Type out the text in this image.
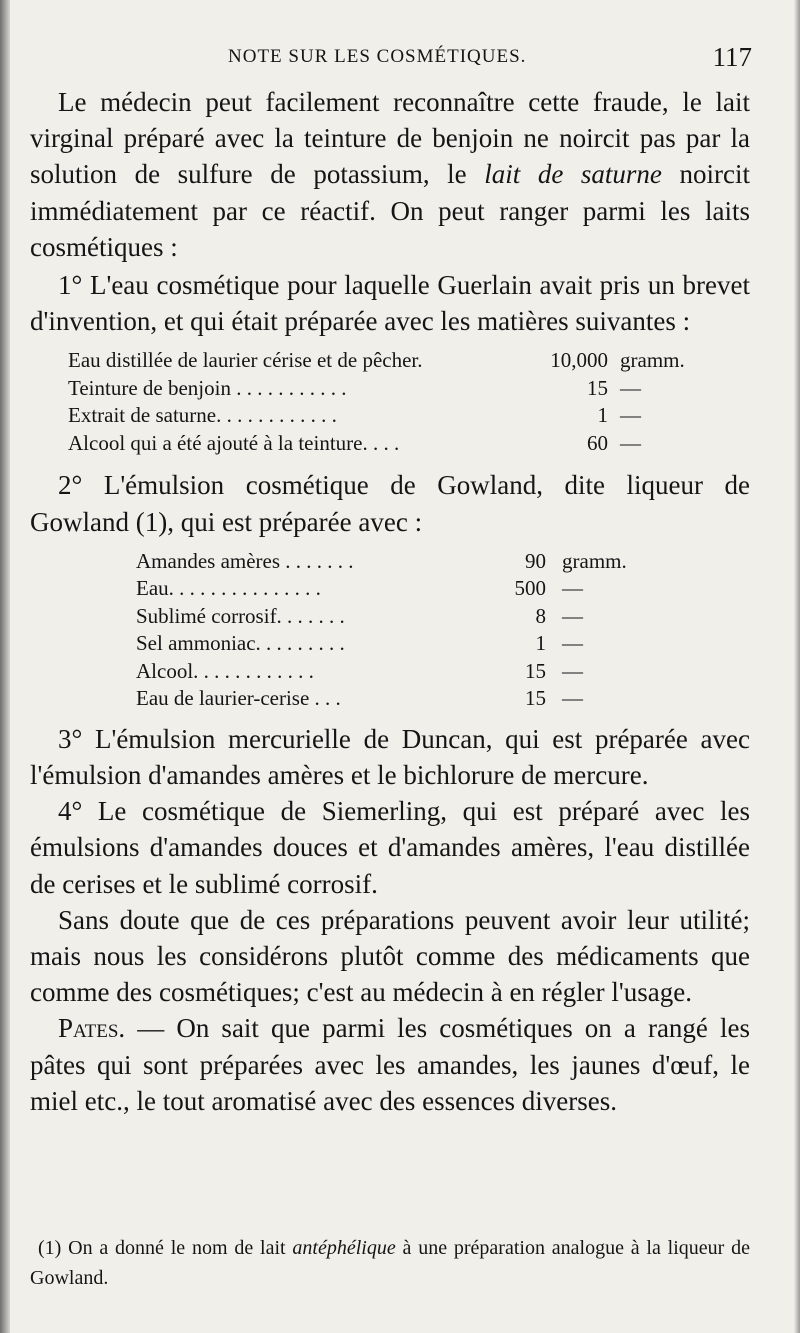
NOTE SUR LES COSMÉTIQUES.	117

Le médecin peut facilement reconnaître cette fraude, le lait virginal préparé avec la teinture de benjoin ne noircit pas par la solution de sulfure de potassium, le lait de saturne noircit immédiatement par ce réactif. On peut ranger parmi les laits cosmétiques :

1° L'eau cosmétique pour laquelle Guerlain avait pris un brevet d'invention, et qui était préparée avec les matières suivantes :

Eau distillée de laurier cérise et de pêcher.	10,000 gramm.
Teinture de benjoin . . . . . . . . . . .	15 —
Extrait de saturne. . . . . . . . . . . .	1 —
Alcool qui a été ajouté à la teinture. . . .	60 —

2° L'émulsion cosmétique de Gowland, dite liqueur de Gowland (1), qui est préparée avec :

Amandes amères . . . . . . .	90 gramm.
Eau. . . . . . . . . . . . . . .	500 —
Sublimé corrosif. . . . . . .	8 —
Sel ammoniac. . . . . . . . .	1 —
Alcool. . . . . . . . . . . .	15 —
Eau de laurier-cerise . . .	15 —

3° L'émulsion mercurielle de Duncan, qui est préparée avec l'émulsion d'amandes amères et le bichlorure de mercure.

4° Le cosmétique de Siemerling, qui est préparé avec les émulsions d'amandes douces et d'amandes amères, l'eau distillée de cerises et le sublimé corrosif.

Sans doute que de ces préparations peuvent avoir leur utilité; mais nous les considérons plutôt comme des médicaments que comme des cosmétiques; c'est au médecin à en régler l'usage.

Pates. — On sait que parmi les cosmétiques on a rangé les pâtes qui sont préparées avec les amandes, les jaunes d'œuf, le miel etc., le tout aromatisé avec des essences diverses.

(1) On a donné le nom de lait antéphélique à une préparation analogue à la liqueur de Gowland.
